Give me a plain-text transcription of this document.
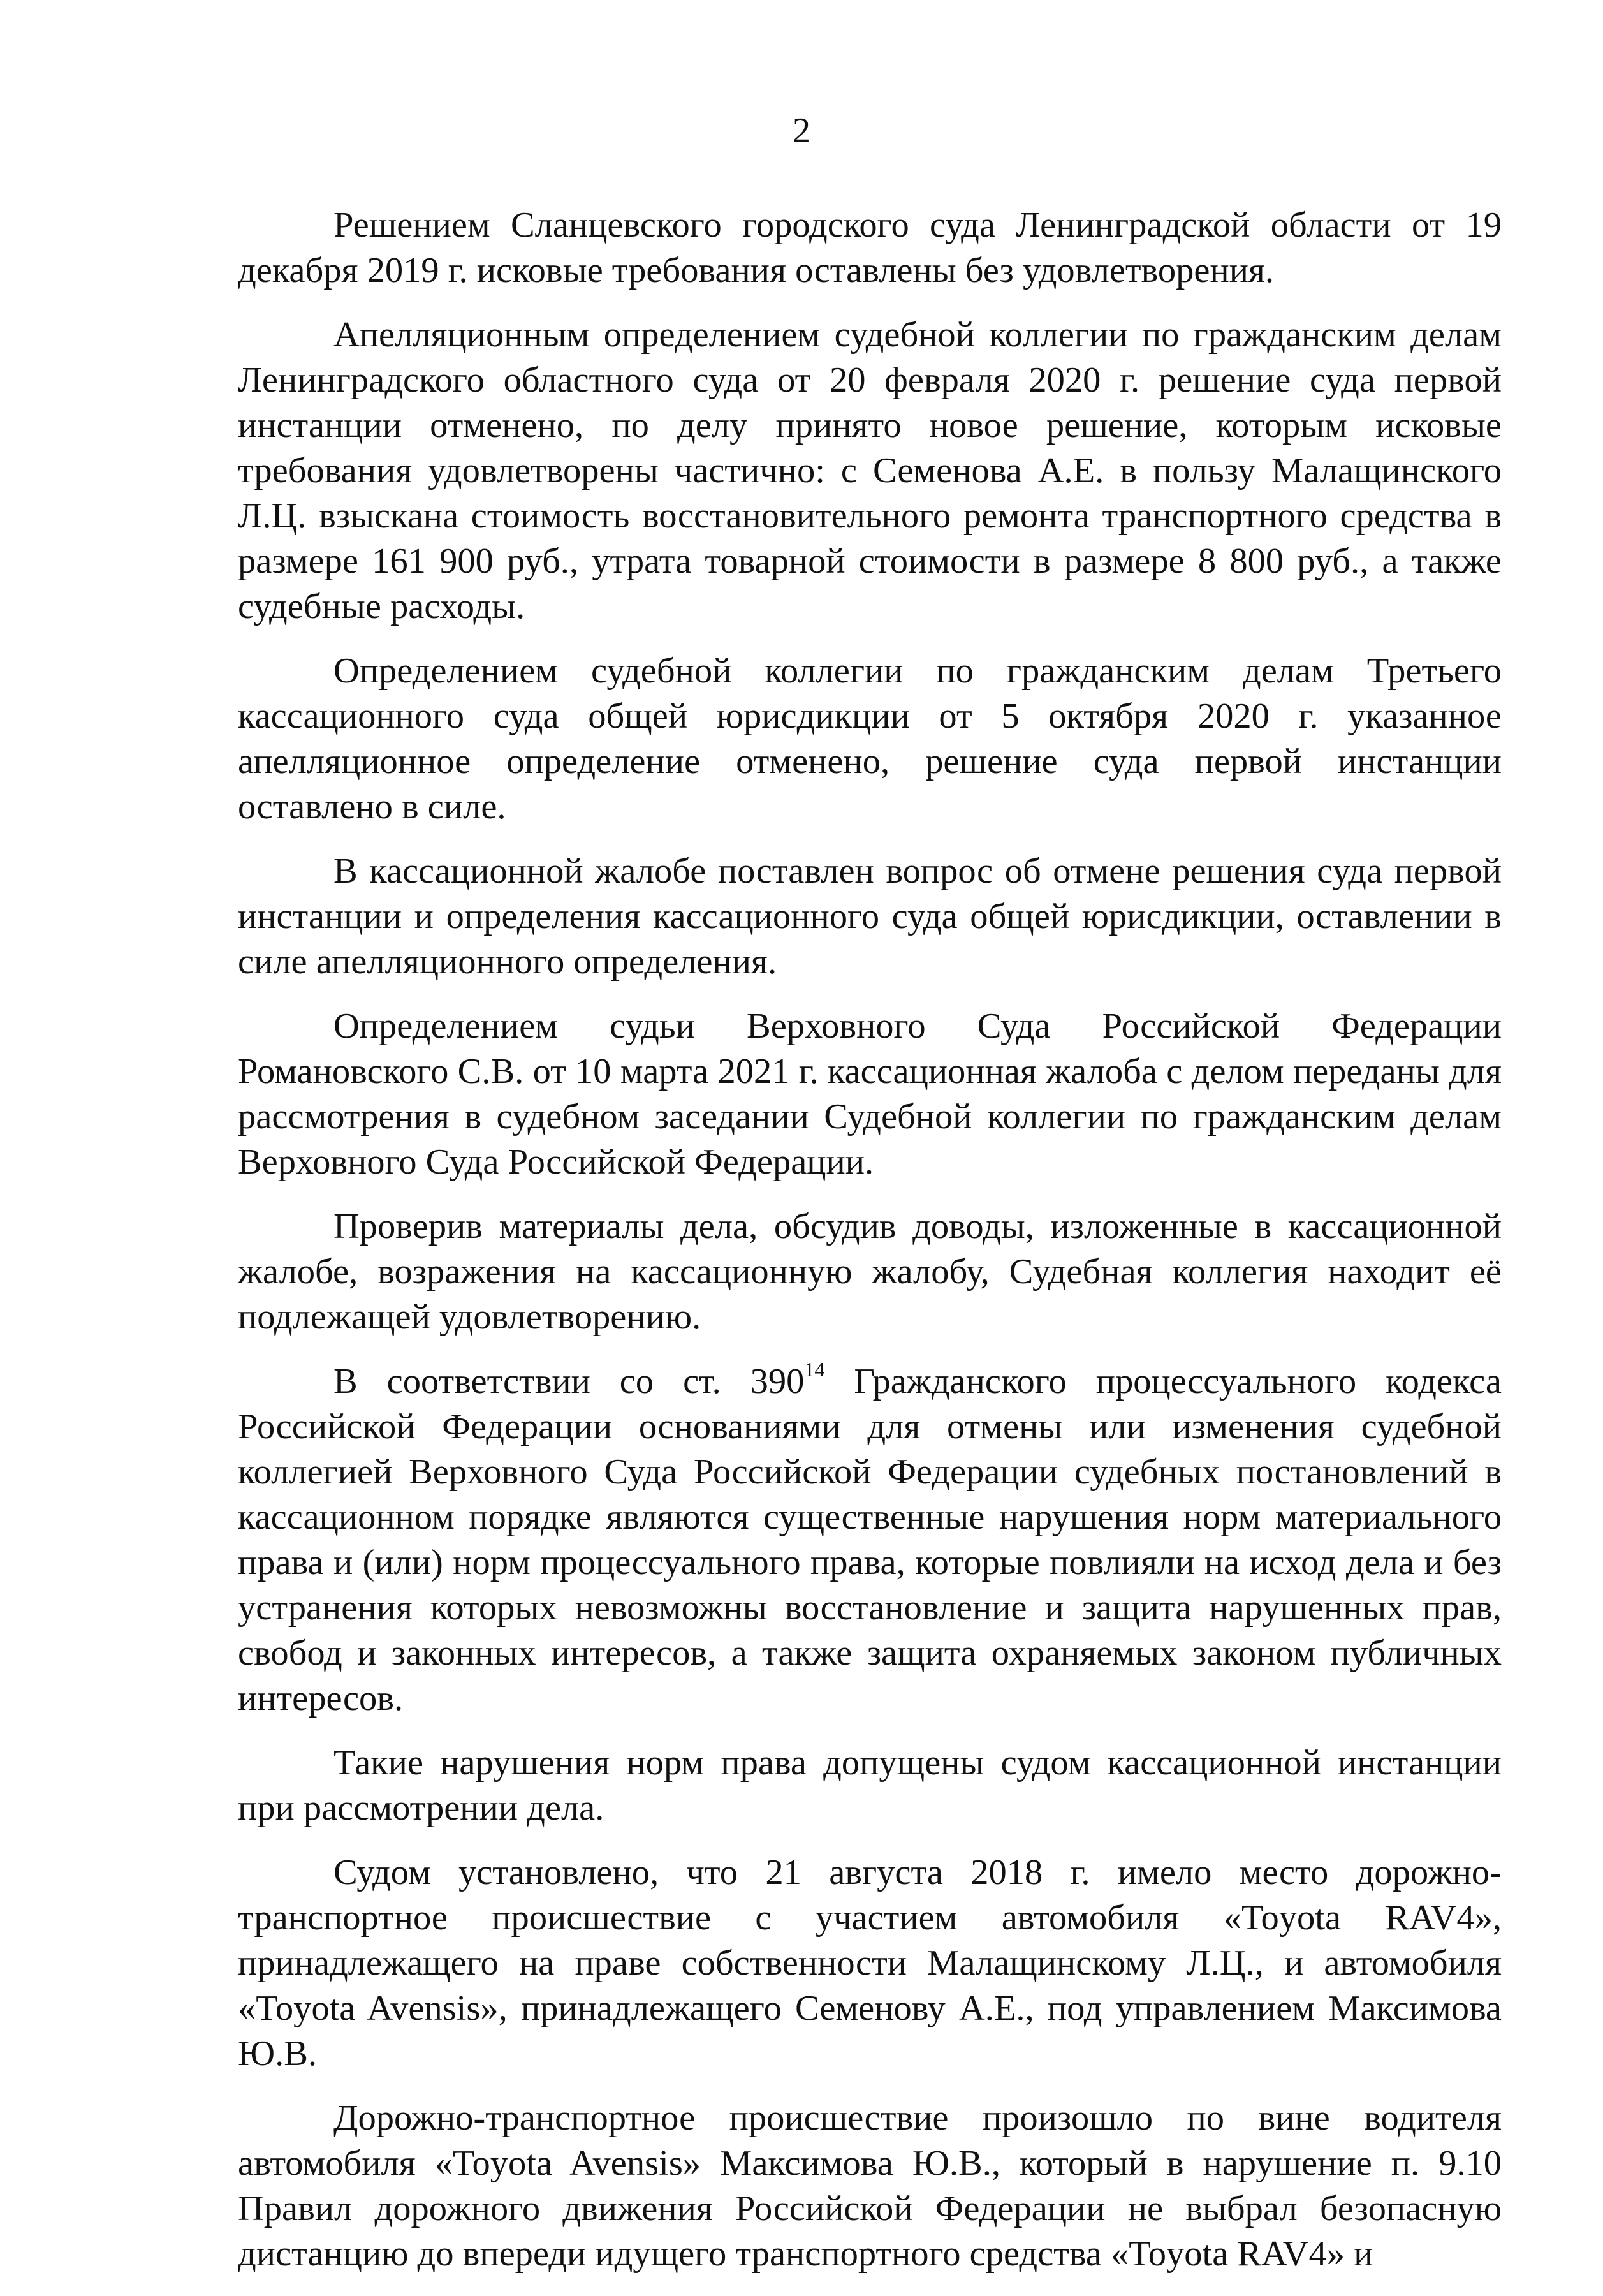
2

Решением Сланцевского городского суда Ленинградской области от 19 декабря 2019 г. исковые требования оставлены без удовлетворения.

Апелляционным определением судебной коллегии по гражданским делам Ленинградского областного суда от 20 февраля 2020 г. решение суда первой инстанции отменено, по делу принято новое решение, которым исковые требования удовлетворены частично: с Семенова А.Е. в пользу Малащинского Л.Ц. взыскана стоимость восстановительного ремонта транспортного средства в размере 161 900 руб., утрата товарной стоимости в размере 8 800 руб., а также судебные расходы.

Определением судебной коллегии по гражданским делам Третьего кассационного суда общей юрисдикции от 5 октября 2020 г. указанное апелляционное определение отменено, решение суда первой инстанции оставлено в силе.

В кассационной жалобе поставлен вопрос об отмене решения суда первой инстанции и определения кассационного суда общей юрисдикции, оставлении в силе апелляционного определения.

Определением судьи Верховного Суда Российской Федерации Романовского С.В. от 10 марта 2021 г. кассационная жалоба с делом переданы для рассмотрения в судебном заседании Судебной коллегии по гражданским делам Верховного Суда Российской Федерации.

Проверив материалы дела, обсудив доводы, изложенные в кассационной жалобе, возражения на кассационную жалобу, Судебная коллегия находит её подлежащей удовлетворению.

В соответствии со ст. $390^{14}$ Гражданского процессуального кодекса Российской Федерации основаниями для отмены или изменения судебной коллегией Верховного Суда Российской Федерации судебных постановлений в кассационном порядке являются существенные нарушения норм материального права и (или) норм процессуального права, которые повлияли на исход дела и без устранения которых невозможны восстановление и защита нарушенных прав, свобод и законных интересов, а также защита охраняемых законом публичных интересов.

Такие нарушения норм права допущены судом кассационной инстанции при рассмотрении дела.

Судом установлено, что 21 августа 2018 г. имело место дорожно-транспортное происшествие с участием автомобиля «Toyota RAV4», принадлежащего на праве собственности Малащинскому Л.Ц., и автомобиля «Toyota Avensis», принадлежащего Семенову А.Е., под управлением Максимова Ю.В.

Дорожно-транспортное происшествие произошло по вине водителя автомобиля «Toyota Avensis» Максимова Ю.В., который в нарушение п. 9.10 Правил дорожного движения Российской Федерации не выбрал безопасную дистанцию до впереди идущего транспортного средства «Toyota RAV4» и
